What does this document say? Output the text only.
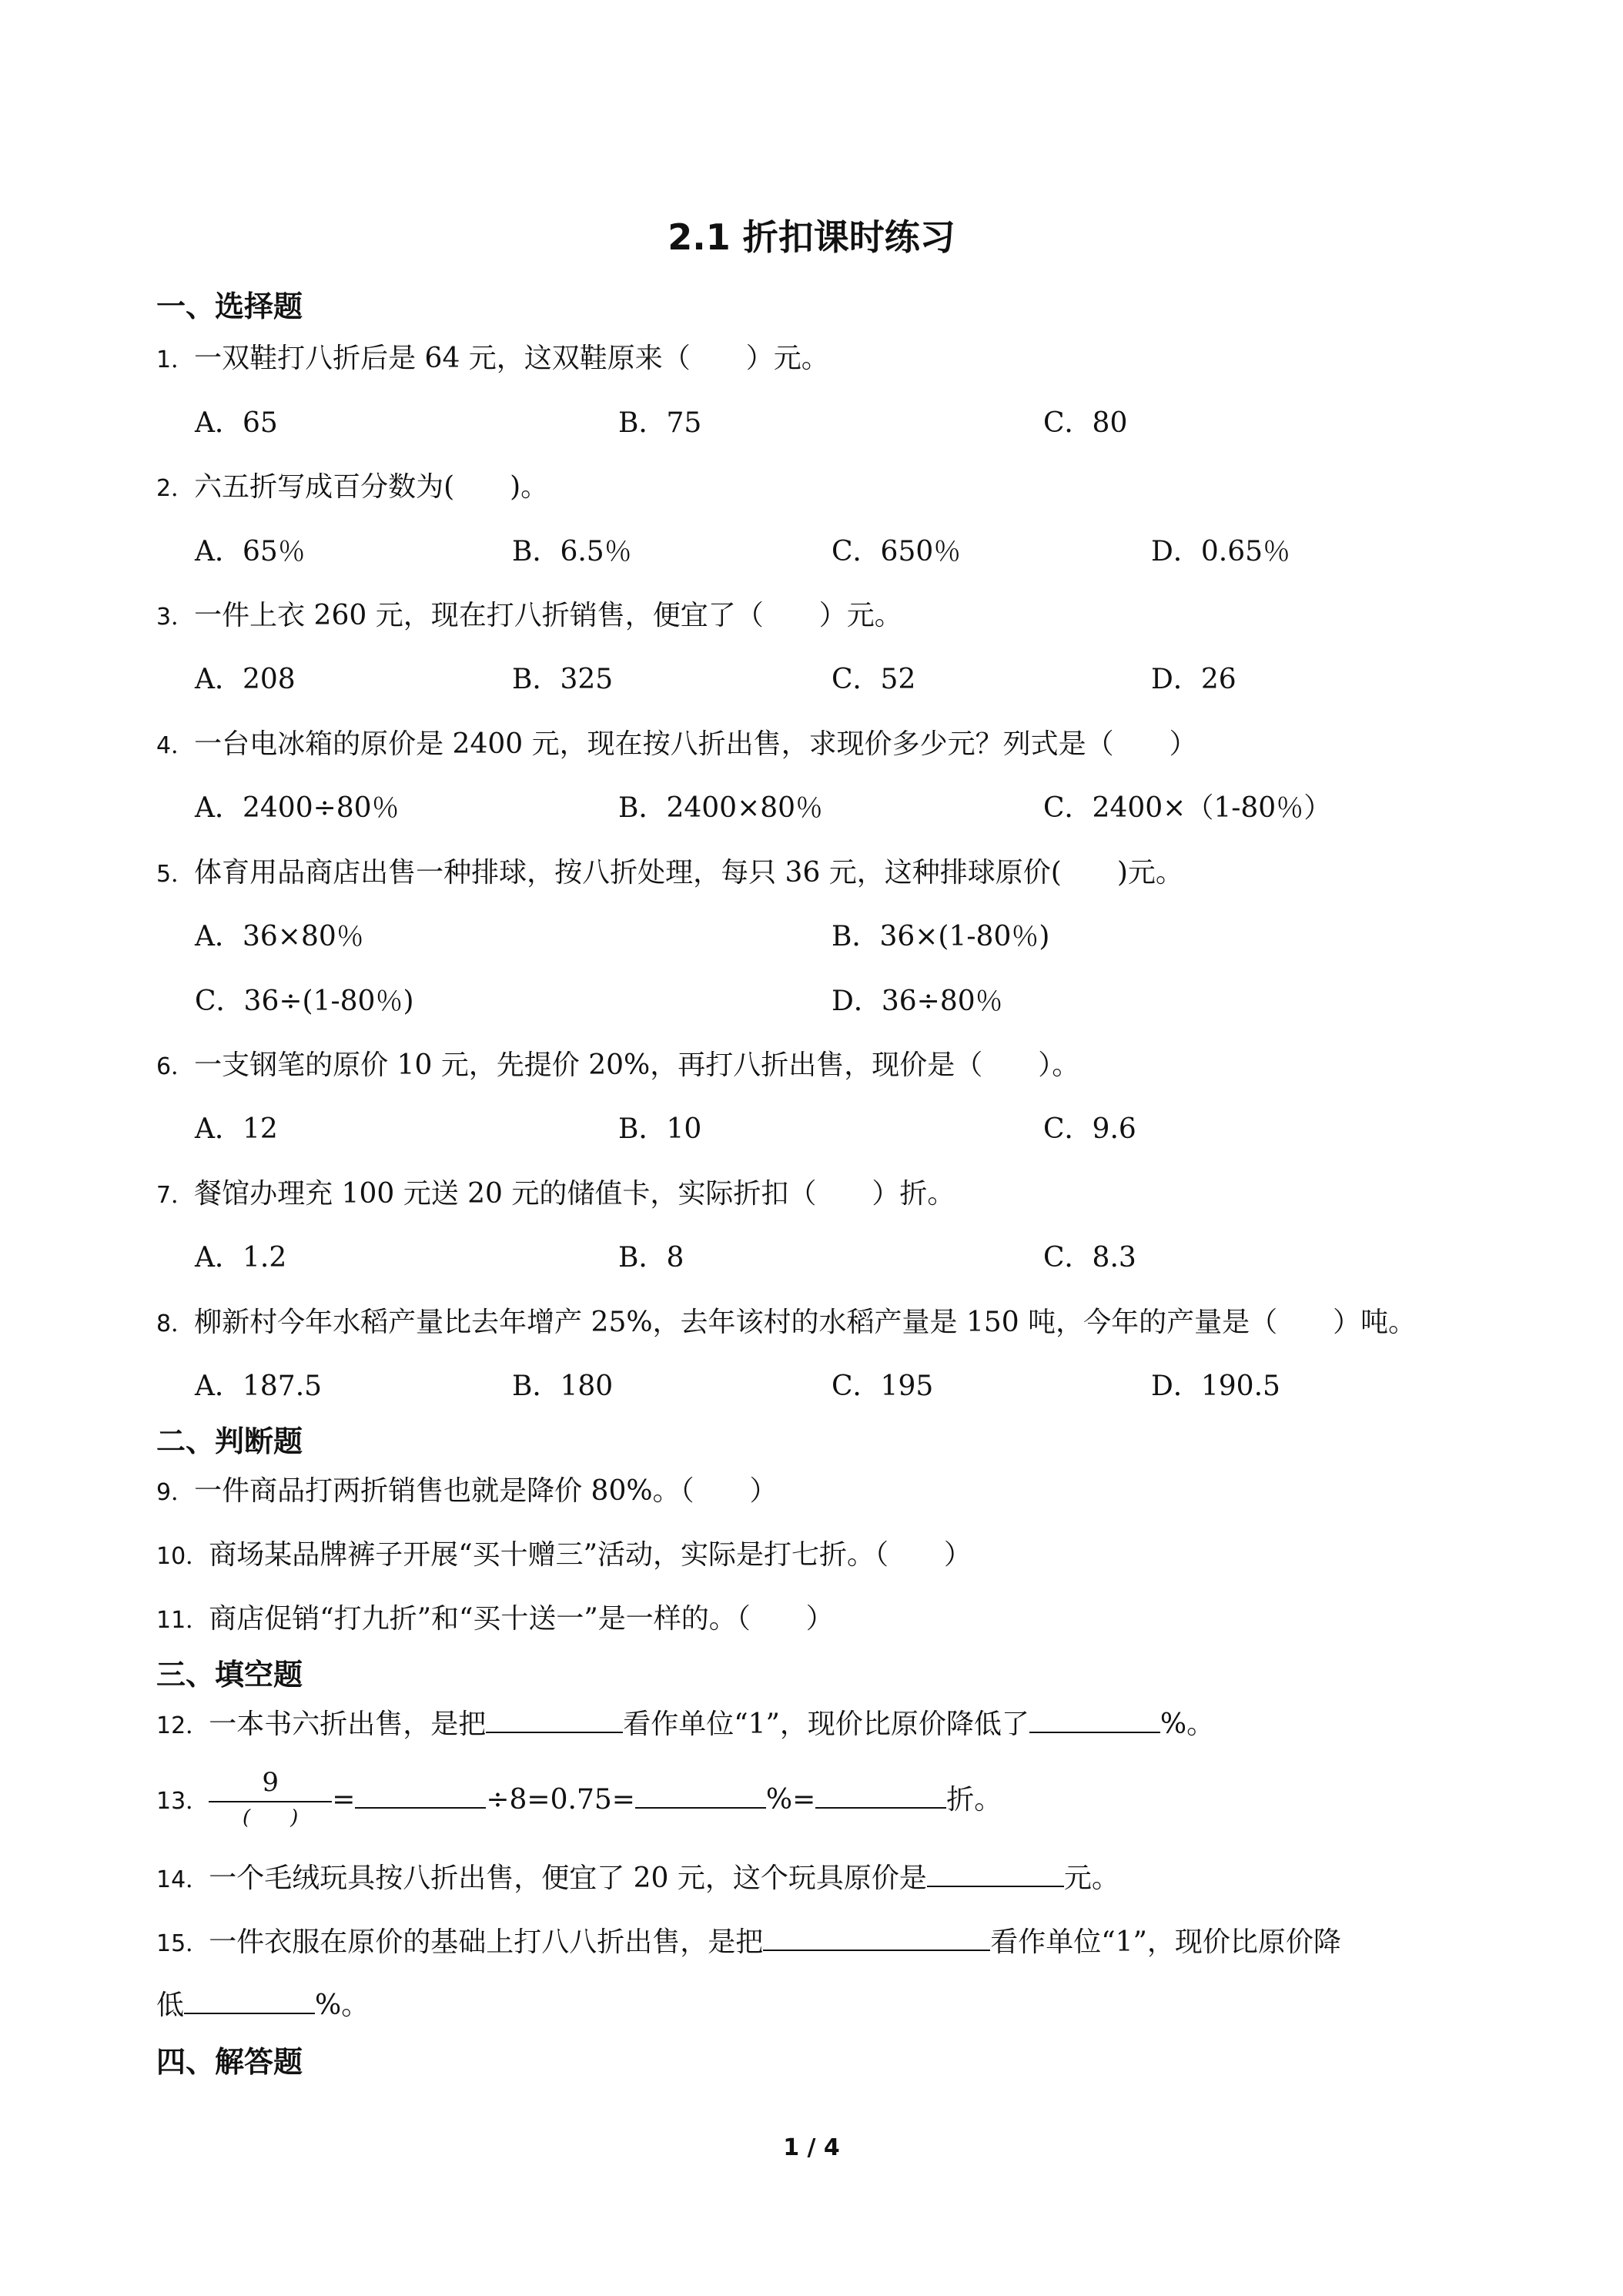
2.1 折扣课时练习
一、选择题
1．一双鞋打八折后是 64 元，这双鞋原来（　　）元。
A．65	B．75	C．80
2．六五折写成百分数为(　　)。
A．65％	B．6.5％	C．650％	D．0.65％
3．一件上衣 260 元，现在打八折销售，便宜了（　　）元。
A．208	B．325	C．52	D．26
4．一台电冰箱的原价是 2400 元，现在按八折出售，求现价多少元？列式是（　　）
A．2400÷80％	B．2400×80％	C．2400×（1-80％）
5．体育用品商店出售一种排球，按八折处理，每只 36 元，这种排球原价(　　)元。
A．36×80％	B．36×(1-80％)
C．36÷(1-80％)	D．36÷80％
6．一支钢笔的原价 10 元，先提价 20%，再打八折出售，现价是（　　）。
A．12	B．10	C．9.6
7．餐馆办理充 100 元送 20 元的储值卡，实际折扣（　　）折。
A．1.2	B．8	C．8.3
8．柳新村今年水稻产量比去年增产 25%，去年该村的水稻产量是 150 吨，今年的产量是（　　）吨。
A．187.5	B．180	C．195	D．190.5
二、判断题
9．一件商品打两折销售也就是降价 80%。（　　）
10．商场某品牌裤子开展“买十赠三”活动，实际是打七折。（　　）
11．商店促销“打九折”和“买十送一”是一样的。（　　）
三、填空题
12．一本书六折出售，是把	看作单位“1”，现价比原价降低了	%。
13． $\frac{9}{( )}$ =	÷8=0.75=	%=	折。
14．一个毛绒玩具按八折出售，便宜了 20 元，这个玩具原价是	元。
15．一件衣服在原价的基础上打八八折出售，是把	看作单位“1”，现价比原价降
低	%。
四、解答题
1 / 4
